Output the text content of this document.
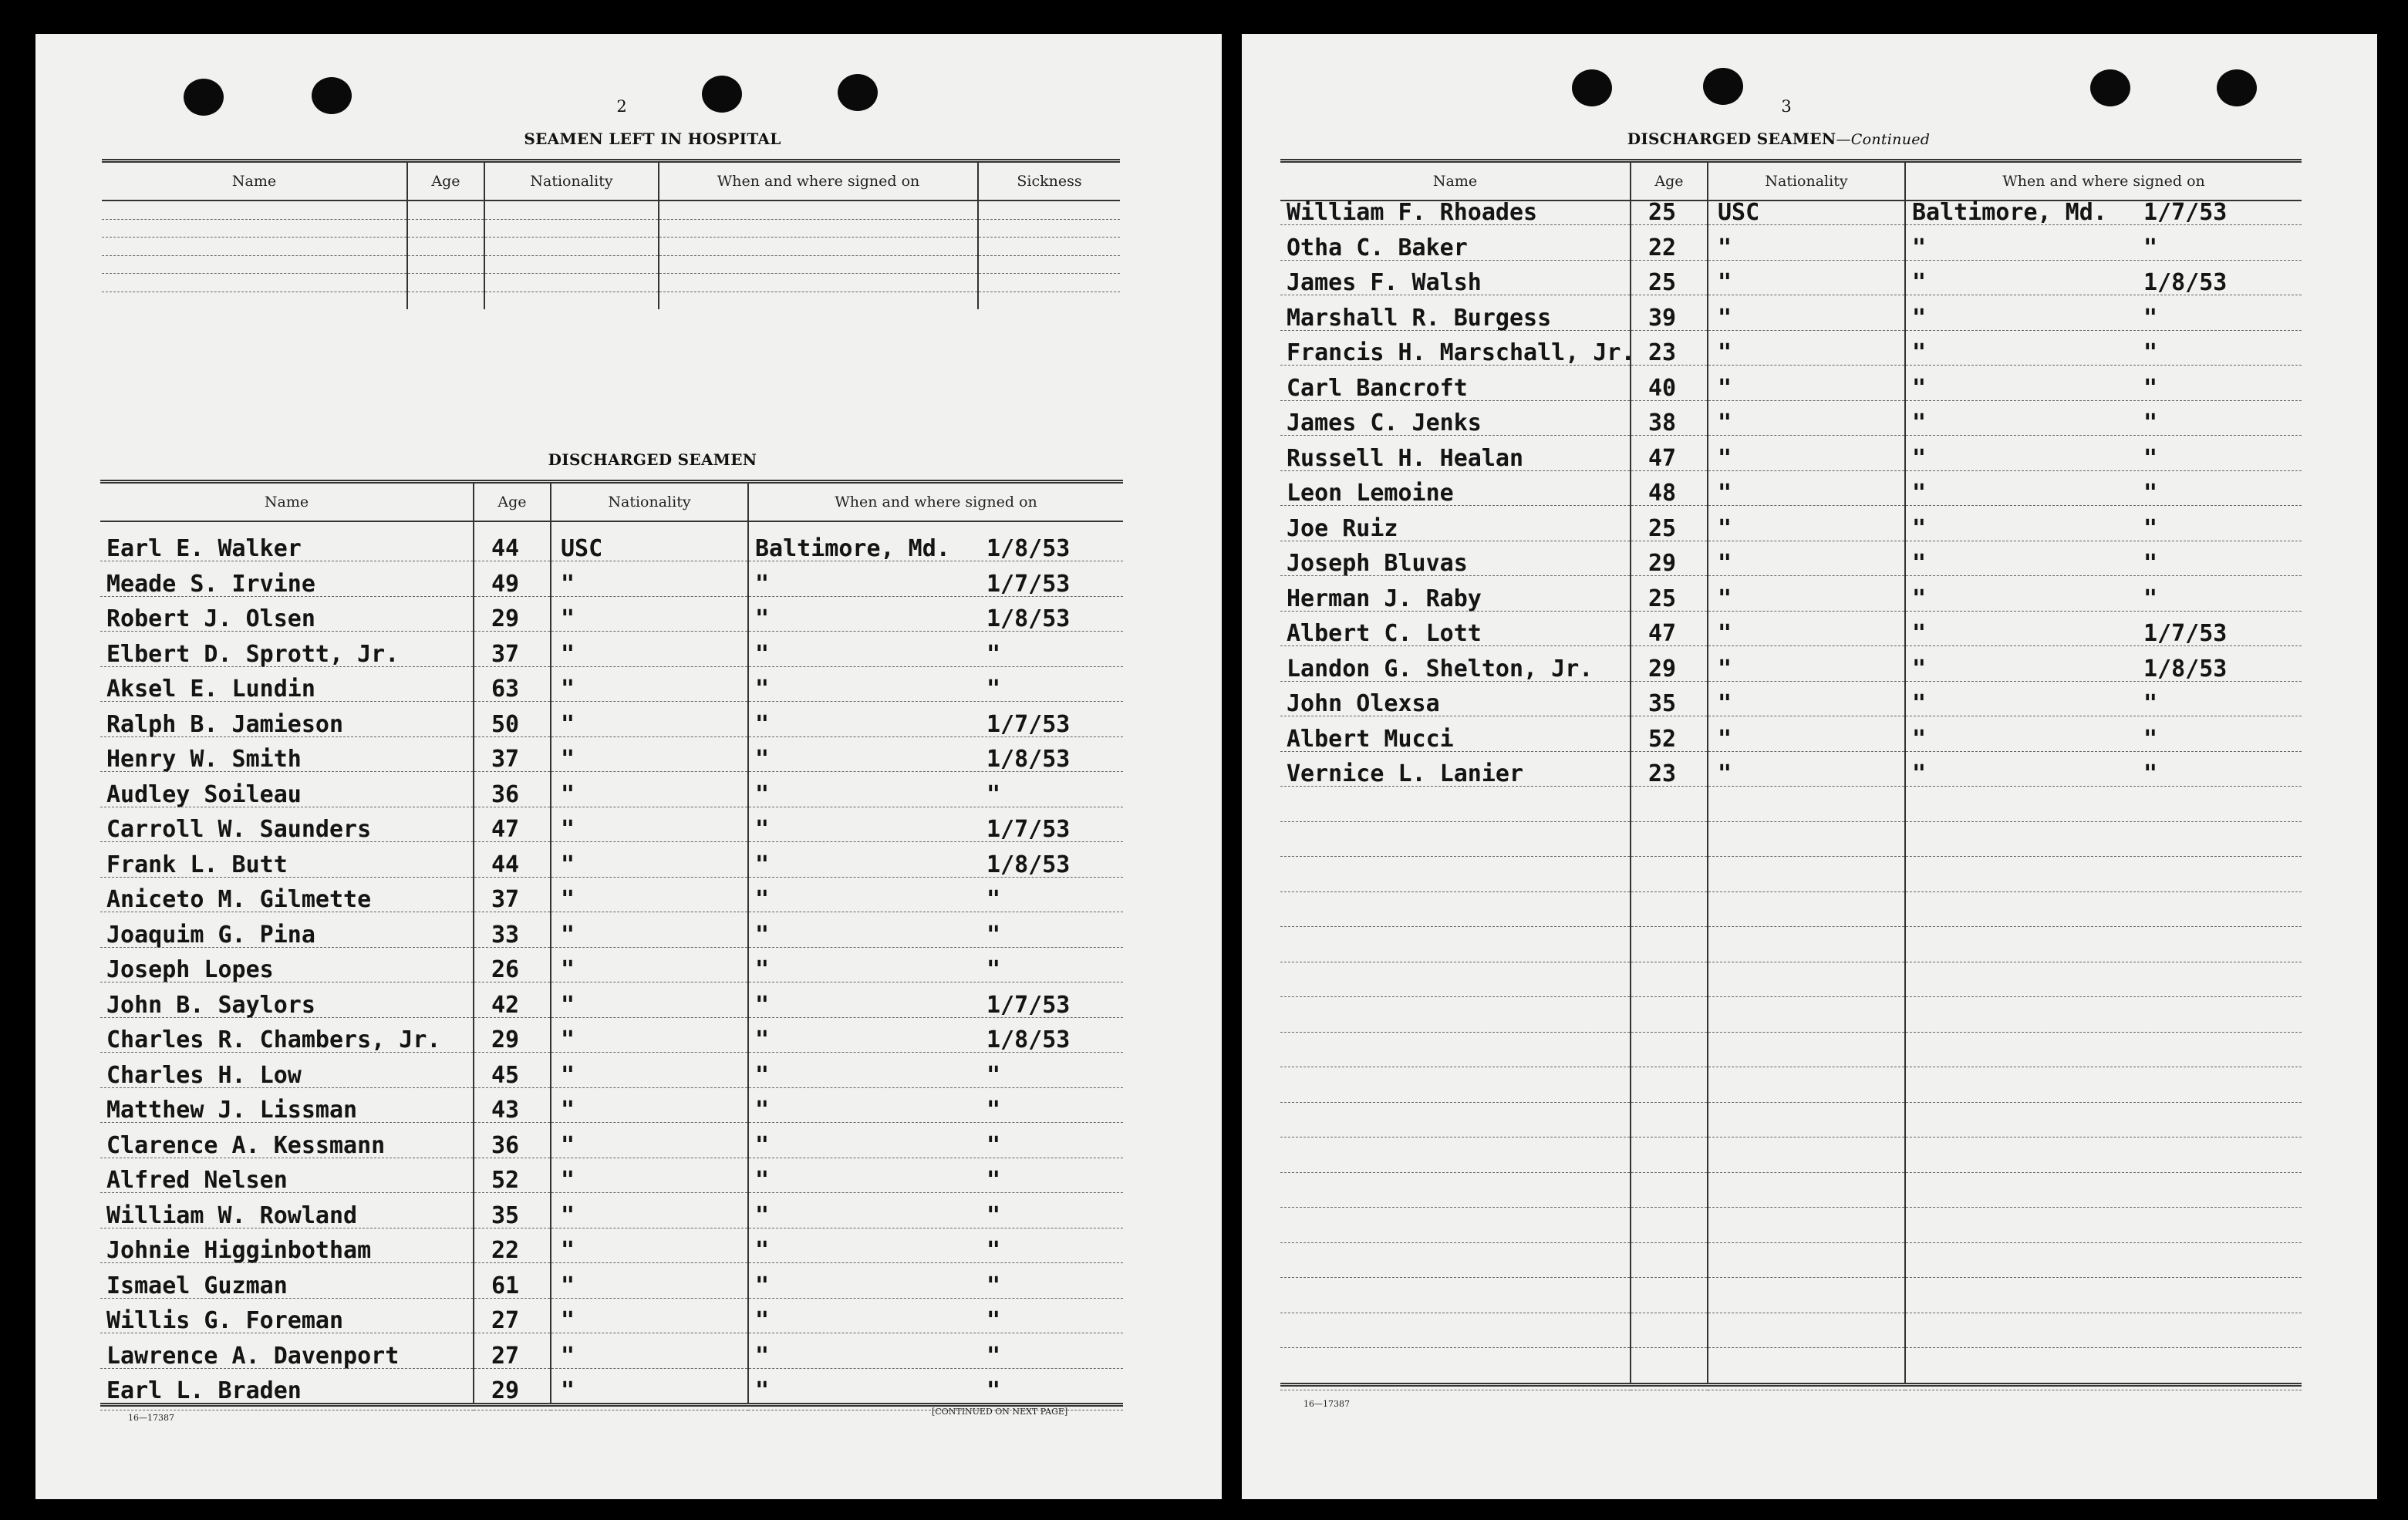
2
SEAMEN LEFT IN HOSPITAL
Name	Age	Nationality	When and where signed on	Sickness

DISCHARGED SEAMEN
Name	Age	Nationality	When and where signed on
Earl E. Walker	44	USC	Baltimore, Md. 1/8/53
Meade S. Irvine	49	"	" 1/7/53
Robert J. Olsen	29	"	" 1/8/53
Elbert D. Sprott, Jr.	37	"	" "
Aksel E. Lundin	63	"	" "
Ralph B. Jamieson	50	"	" 1/7/53
Henry W. Smith	37	"	" 1/8/53
Audley Soileau	36	"	" "
Carroll W. Saunders	47	"	" 1/7/53
Frank L. Butt	44	"	" 1/8/53
Aniceto M. Gilmette	37	"	" "
Joaquim G. Pina	33	"	" "
Joseph Lopes	26	"	" "
John B. Saylors	42	"	" 1/7/53
Charles R. Chambers, Jr.	29	"	" 1/8/53
Charles H. Low	45	"	" "
Matthew J. Lissman	43	"	" "
Clarence A. Kessmann	36	"	" "
Alfred Nelsen	52	"	" "
William W. Rowland	35	"	" "
Johnie Higginbotham	22	"	" "
Ismael Guzman	61	"	" "
Willis G. Foreman	27	"	" "
Lawrence A. Davenport	27	"	" "
Earl L. Braden	29	"	" "

16—17387
[CONTINUED ON NEXT PAGE]
3
DISCHARGED SEAMEN—Continued
Name	Age	Nationality	When and where signed on
William F. Rhoades	25	USC	Baltimore, Md. 1/7/53
Otha C. Baker	22	"	" "
James F. Walsh	25	"	" 1/8/53
Marshall R. Burgess	39	"	" "
Francis H. Marschall, Jr.	23	"	" "
Carl Bancroft	40	"	" "
James C. Jenks	38	"	" "
Russell H. Healan	47	"	" "
Leon Lemoine	48	"	" "
Joe Ruiz	25	"	" "
Joseph Bluvas	29	"	" "
Herman J. Raby	25	"	" "
Albert C. Lott	47	"	" 1/7/53
Landon G. Shelton, Jr.	29	"	" 1/8/53
John Olexsa	35	"	" "
Albert Mucci	52	"	" "
Vernice L. Lanier	23	"	" "

16—17387
